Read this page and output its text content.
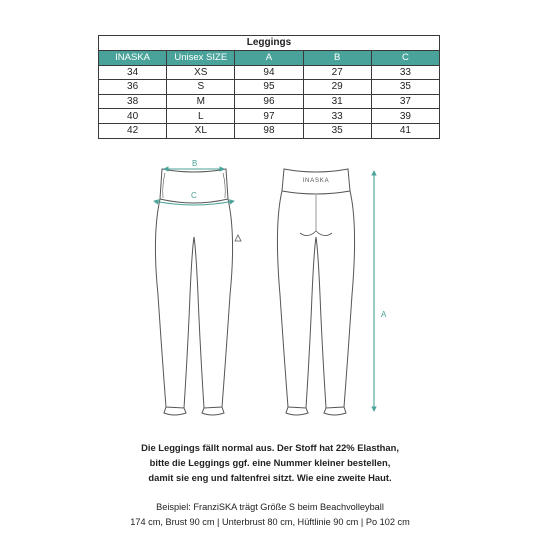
Leggings
INASKA	Unisex SIZE	A	B	C
34	XS	94	27	33
36	S	95	29	35
38	M	96	31	37
40	L	97	33	39
42	XL	98	35	41
B
C
INASKA
A
Die Leggings fällt normal aus. Der Stoff hat 22% Elasthan,
bitte die Leggings ggf. eine Nummer kleiner bestellen,
damit sie eng und faltenfrei sitzt. Wie eine zweite Haut.
Beispiel: FranziSKA trägt Größe S beim Beachvolleyball
174 cm, Brust 90 cm | Unterbrust 80 cm, Hüftlinie 90 cm | Po 102 cm
